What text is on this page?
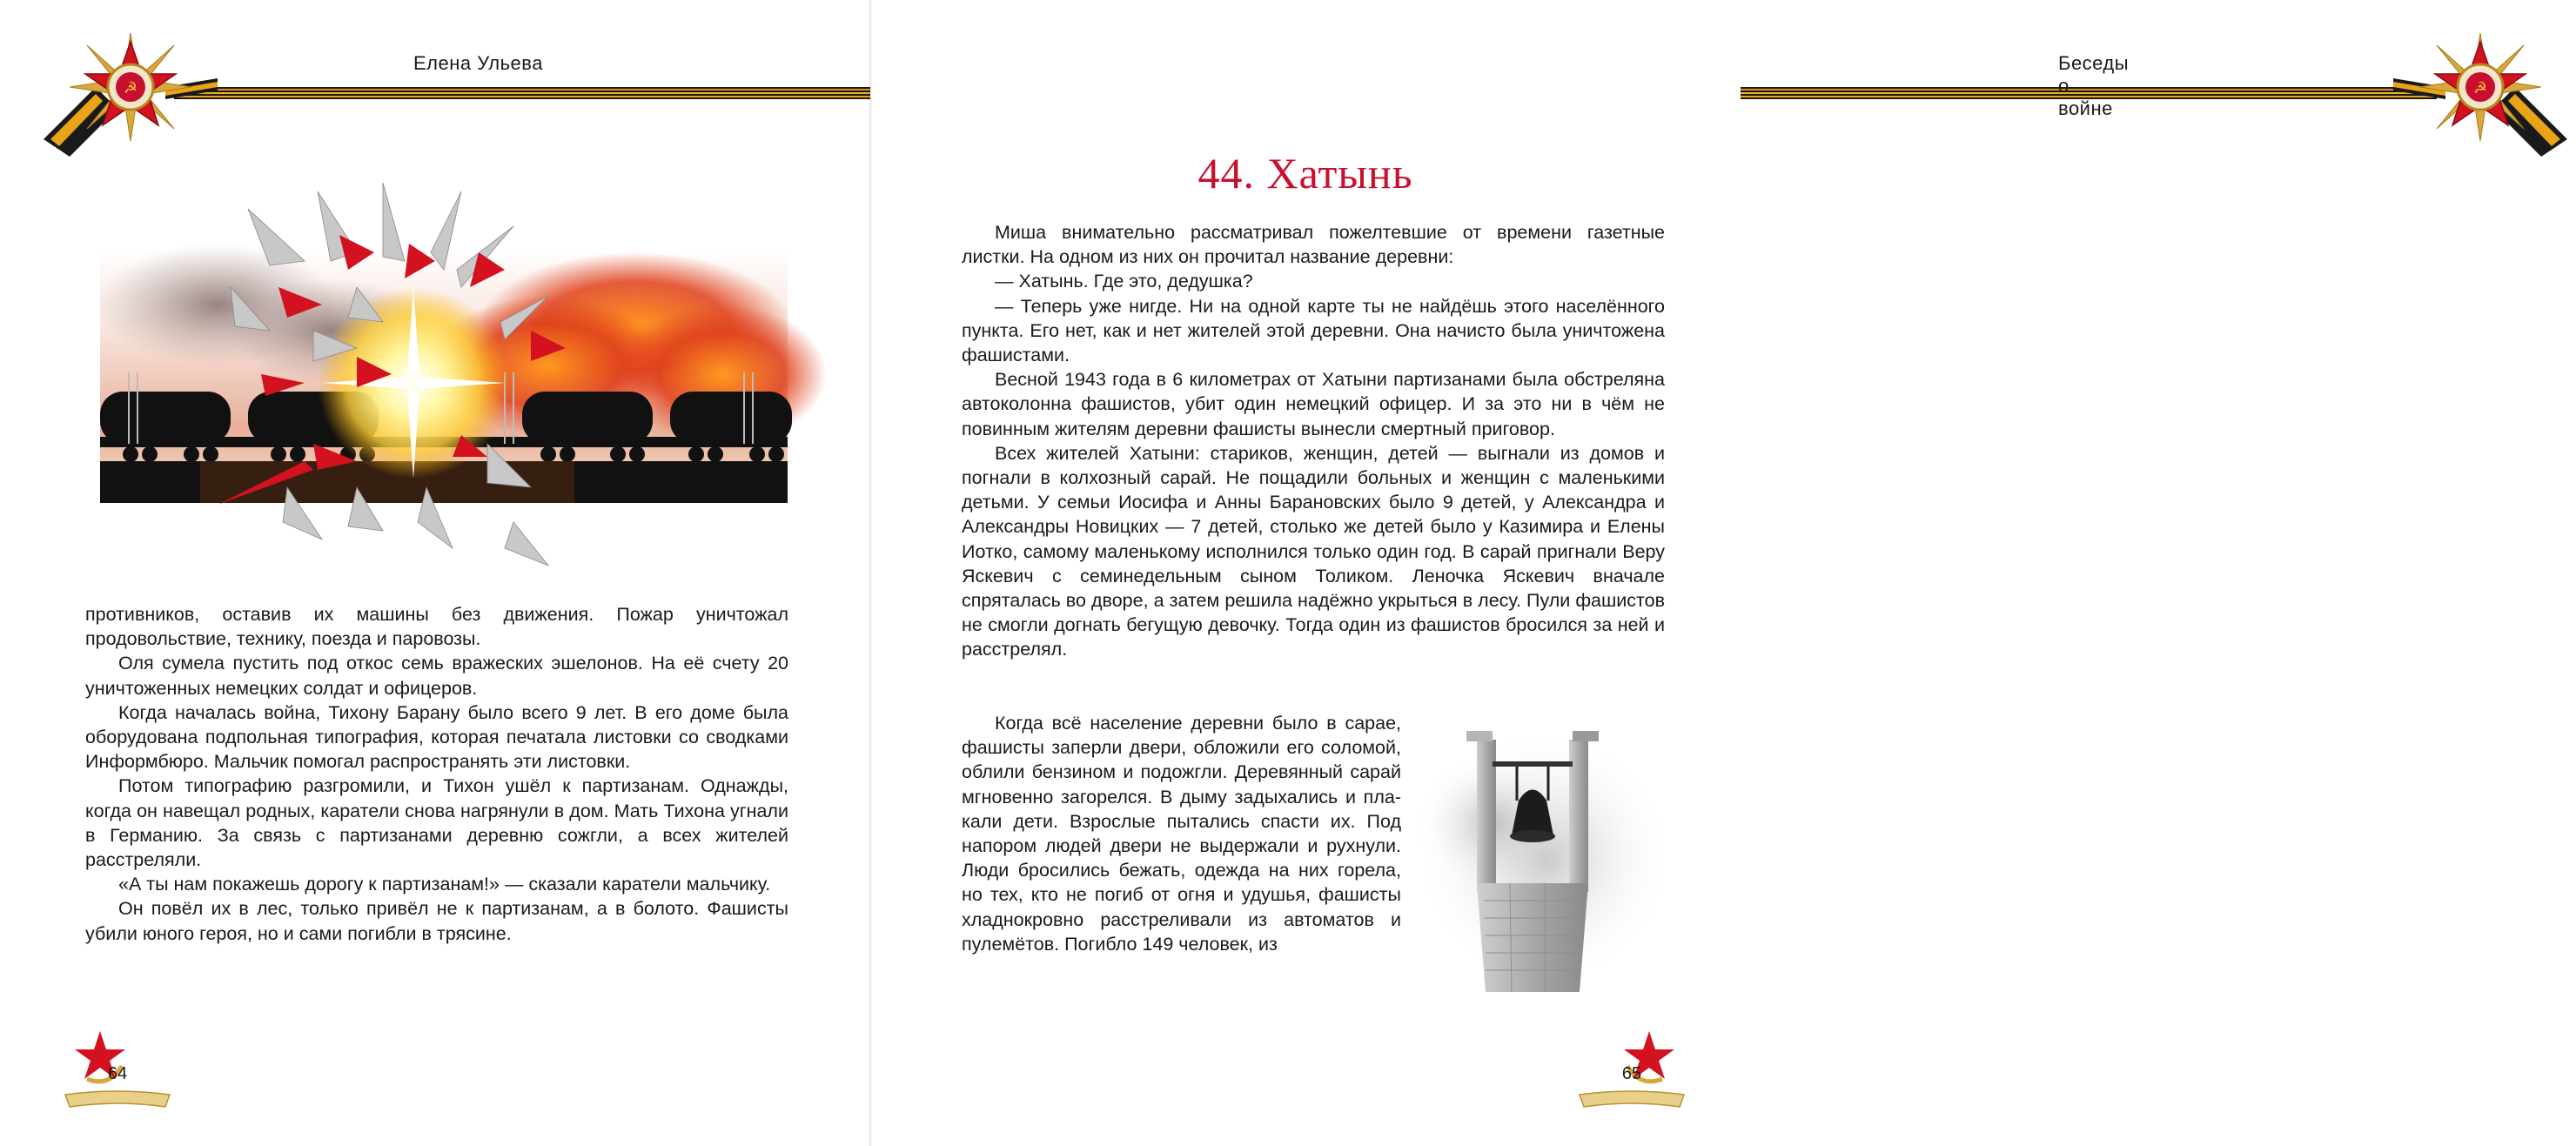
☭
Елена Ульева

противников, оставив их машины без движения. Пожар уничтожал продовольствие, технику, поезда и паровозы.

Оля сумела пустить под откос семь вражеских эшелонов. На её счету 20 уничтоженных немецких солдат и офицеров.

Когда началась война, Тихону Барану было всего 9 лет. В его доме была оборудована подпольная типография, которая печатала листовки со сводками Информбюро. Мальчик помогал распространять эти листовки.

Потом типографию разгромили, и Тихон ушёл к партизанам. Однажды, когда он навещал родных, каратели снова нагрянули в дом. Мать Тихона угнали в Германию. За связь с партизанами деревню сожгли, а всех жителей расстреляли.

«А ты нам покажешь дорогу к партизанам!» — сказали каратели мальчику.

Он повёл их в лес, только привёл не к партизанам, а в болото. Фашисты убили юного героя, но и сами погибли в трясине.

64
Беседы о войне
☭
44. Хатынь

Миша внимательно рассматривал пожелтевшие от времени газетные листки. На одном из них он прочитал название деревни:

— Хатынь. Где это, дедушка?

— Теперь уже нигде. Ни на одной карте ты не найдёшь этого населённого пункта. Его нет, как и нет жителей этой деревни. Она начисто была уничтожена фашистами.

Весной 1943 года в 6 километрах от Хатыни партизанами была обстреляна автоколонна фашистов, убит один немецкий офицер. И за это ни в чём не повинным жителям деревни фашисты вынесли смертный приговор.

Всех жителей Хатыни: стариков, женщин, детей — выгнали из домов и погнали в колхозный сарай. Не пощадили больных и женщин с маленькими детьми. У семьи Иосифа и Анны Барановских было 9 детей, у Александра и Александры Новицких — 7 детей, столько же детей было у Казимира и Елены Иотко, самому маленькому исполнился только один год. В сарай пригнали Веру Яскевич с семинедельным сыном Толиком. Леночка Яскевич вначале спряталась во дворе, а затем решила надёжно укрыться в лесу. Пули фашистов не смогли догнать бегущую девочку. Тогда один из фашистов бросился за ней и расстрелял.

Когда всё население деревни было в сарае, фашисты заперли двери, обложили его соломой, облили бензином и подожгли. Деревянный сарай мгновенно загорелся. В дыму задыхались и плакали дети. Взрослые пытались спасти их. Под напором людей двери не выдержали и рухнули. Люди бросились бежать, одежда на них горела, но тех, кто не погиб от огня и удушья, фашисты хладнокровно расстреливали из автоматов и пулемётов. Погибло 149 человек, из

65
